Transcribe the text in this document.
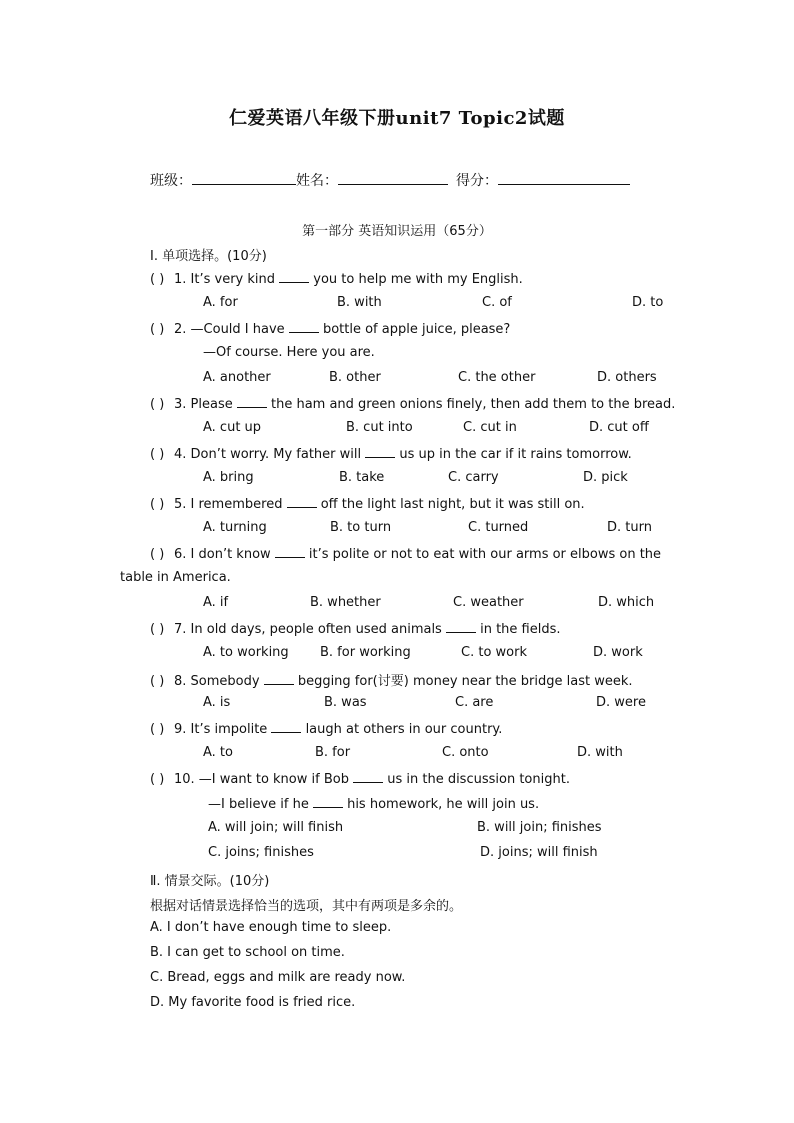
仁爱英语八年级下册unit7 Topic2试题
班级：	姓名：	得分：
第一部分 英语知识运用（65分）
Ⅰ. 单项选择。(10分)
( ) 1. It’s very kind  you to help me with my English.
A. for	B. with	C. of	D. to
( ) 2. —Could I have  bottle of apple juice, please?
—Of course. Here you are.
A. another	B. other	C. the other	D. others
( ) 3. Please  the ham and green onions finely, then add them to the bread.
A. cut up	B. cut into	C. cut in	D. cut off
( ) 4. Don’t worry. My father will  us up in the car if it rains tomorrow.
A. bring	B. take	C. carry	D. pick
( ) 5. I remembered  off the light last night, but it was still on.
A. turning	B. to turn	C. turned	D. turn
( ) 6. I don’t know  it’s polite or not to eat with our arms or elbows on the
table in America.
A. if	B. whether	C. weather	D. which
( ) 7. In old days, people often used animals  in the fields.
A. to working B. for working	C. to work	D. work
( ) 8. Somebody  begging for(讨要) money near the bridge last week.
A. is	B. was	C. are	D. were
( ) 9. It’s impolite  laugh at others in our country.
A. to	B. for	C. onto	D. with
( ) 10. —I want to know if Bob  us in the discussion tonight.
—I believe if he  his homework, he will join us.
A. will join; will finish	B. will join; finishes
C. joins; finishes	D. joins; will finish
Ⅱ. 情景交际。(10分)
根据对话情景选择恰当的选项，其中有两项是多余的。
A. I don’t have enough time to sleep.
B. I can get to school on time.
C. Bread, eggs and milk are ready now.
D. My favorite food is fried rice.
